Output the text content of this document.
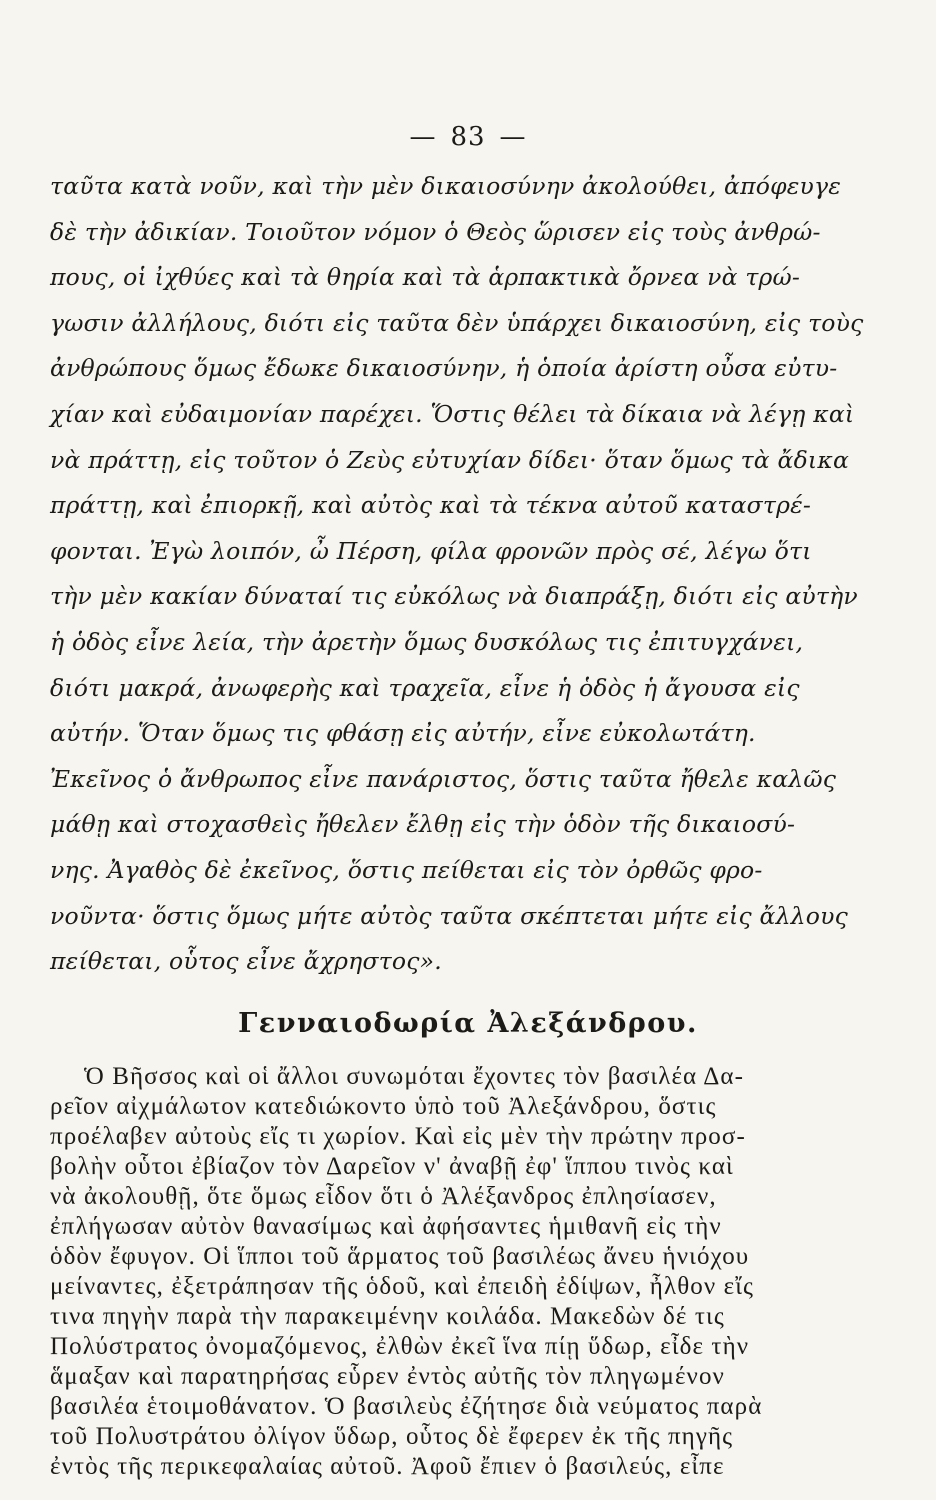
— 83 —
ταῦτα κατὰ νοῦν, καὶ τὴν μὲν δικαιοσύνην ἀκολούθει, ἀπόφευγε
δὲ τὴν ἀδικίαν. Τοιοῦτον νόμον ὁ Θεὸς ὥρισεν εἰς τοὺς ἀνθρώ-
πους, οἱ ἰχθύες καὶ τὰ θηρία καὶ τὰ ἁρπακτικὰ ὄρνεα νὰ τρώ-
γωσιν ἀλλήλους, διότι εἰς ταῦτα δὲν ὑπάρχει δικαιοσύνη, εἰς τοὺς
ἀνθρώπους ὅμως ἔδωκε δικαιοσύνην, ἡ ὁποία ἀρίστη οὖσα εὐτυ-
χίαν καὶ εὐδαιμονίαν παρέχει. Ὅστις θέλει τὰ δίκαια νὰ λέγῃ καὶ
νὰ πράττῃ, εἰς τοῦτον ὁ Ζεὺς εὐτυχίαν δίδει· ὅταν ὅμως τὰ ἄδικα
πράττῃ, καὶ ἐπιορκῇ, καὶ αὐτὸς καὶ τὰ τέκνα αὐτοῦ καταστρέ-
φονται. Ἐγὼ λοιπόν, ὦ Πέρση, φίλα φρονῶν πρὸς σέ, λέγω ὅτι
τὴν μὲν κακίαν δύναταί τις εὐκόλως νὰ διαπράξῃ, διότι εἰς αὐτὴν
ἡ ὁδὸς εἶνε λεία, τὴν ἀρετὴν ὅμως δυσκόλως τις ἐπιτυγχάνει,
διότι μακρά, ἀνωφερὴς καὶ τραχεῖα, εἶνε ἡ ὁδὸς ἡ ἄγουσα εἰς
αὐτήν. Ὅταν ὅμως τις φθάσῃ εἰς αὐτήν, εἶνε εὐκολωτάτη.
Ἐκεῖνος ὁ ἄνθρωπος εἶνε πανάριστος, ὅστις ταῦτα ἤθελε καλῶς
μάθῃ καὶ στοχασθεὶς ἤθελεν ἔλθῃ εἰς τὴν ὁδὸν τῆς δικαιοσύ-
νης. Ἀγαθὸς δὲ ἐκεῖνος, ὅστις πείθεται εἰς τὸν ὀρθῶς φρο-
νοῦντα· ὅστις ὅμως μήτε αὐτὸς ταῦτα σκέπτεται μήτε εἰς ἄλλους
πείθεται, οὗτος εἶνε ἄχρηστος».
Γενναιοδωρία Ἀλεξάνδρου.
Ὁ Βῆσσος καὶ οἱ ἄλλοι συνωμόται ἔχοντες τὸν βασιλέα Δα-
ρεῖον αἰχμάλωτον κατεδιώκοντο ὑπὸ τοῦ Ἀλεξάνδρου, ὅστις
προέλαβεν αὐτοὺς εἴς τι χωρίον. Καὶ εἰς μὲν τὴν πρώτην προσ-
βολὴν οὗτοι ἐβίαζον τὸν Δαρεῖον ν' ἀναβῇ ἐφ' ἵππου τινὸς καὶ
νὰ ἀκολουθῇ, ὅτε ὅμως εἶδον ὅτι ὁ Ἀλέξανδρος ἐπλησίασεν,
ἐπλήγωσαν αὐτὸν θανασίμως καὶ ἀφήσαντες ἡμιθανῆ εἰς τὴν
ὁδὸν ἔφυγον. Οἱ ἵπποι τοῦ ἅρματος τοῦ βασιλέως ἄνευ ἡνιόχου
μείναντες, ἐξετράπησαν τῆς ὁδοῦ, καὶ ἐπειδὴ ἐδίψων, ἦλθον εἴς
τινα πηγὴν παρὰ τὴν παρακειμένην κοιλάδα. Μακεδὼν δέ τις
Πολύστρατος ὀνομαζόμενος, ἐλθὼν ἐκεῖ ἵνα πίῃ ὕδωρ, εἶδε τὴν
ἅμαξαν καὶ παρατηρήσας εὗρεν ἐντὸς αὐτῆς τὸν πληγωμένον
βασιλέα ἑτοιμοθάνατον. Ὁ βασιλεὺς ἐζήτησε διὰ νεύματος παρὰ
τοῦ Πολυστράτου ὀλίγον ὕδωρ, οὗτος δὲ ἔφερεν ἐκ τῆς πηγῆς
ἐντὸς τῆς περικεφαλαίας αὐτοῦ. Ἀφοῦ ἔπιεν ὁ βασιλεύς, εἶπε
